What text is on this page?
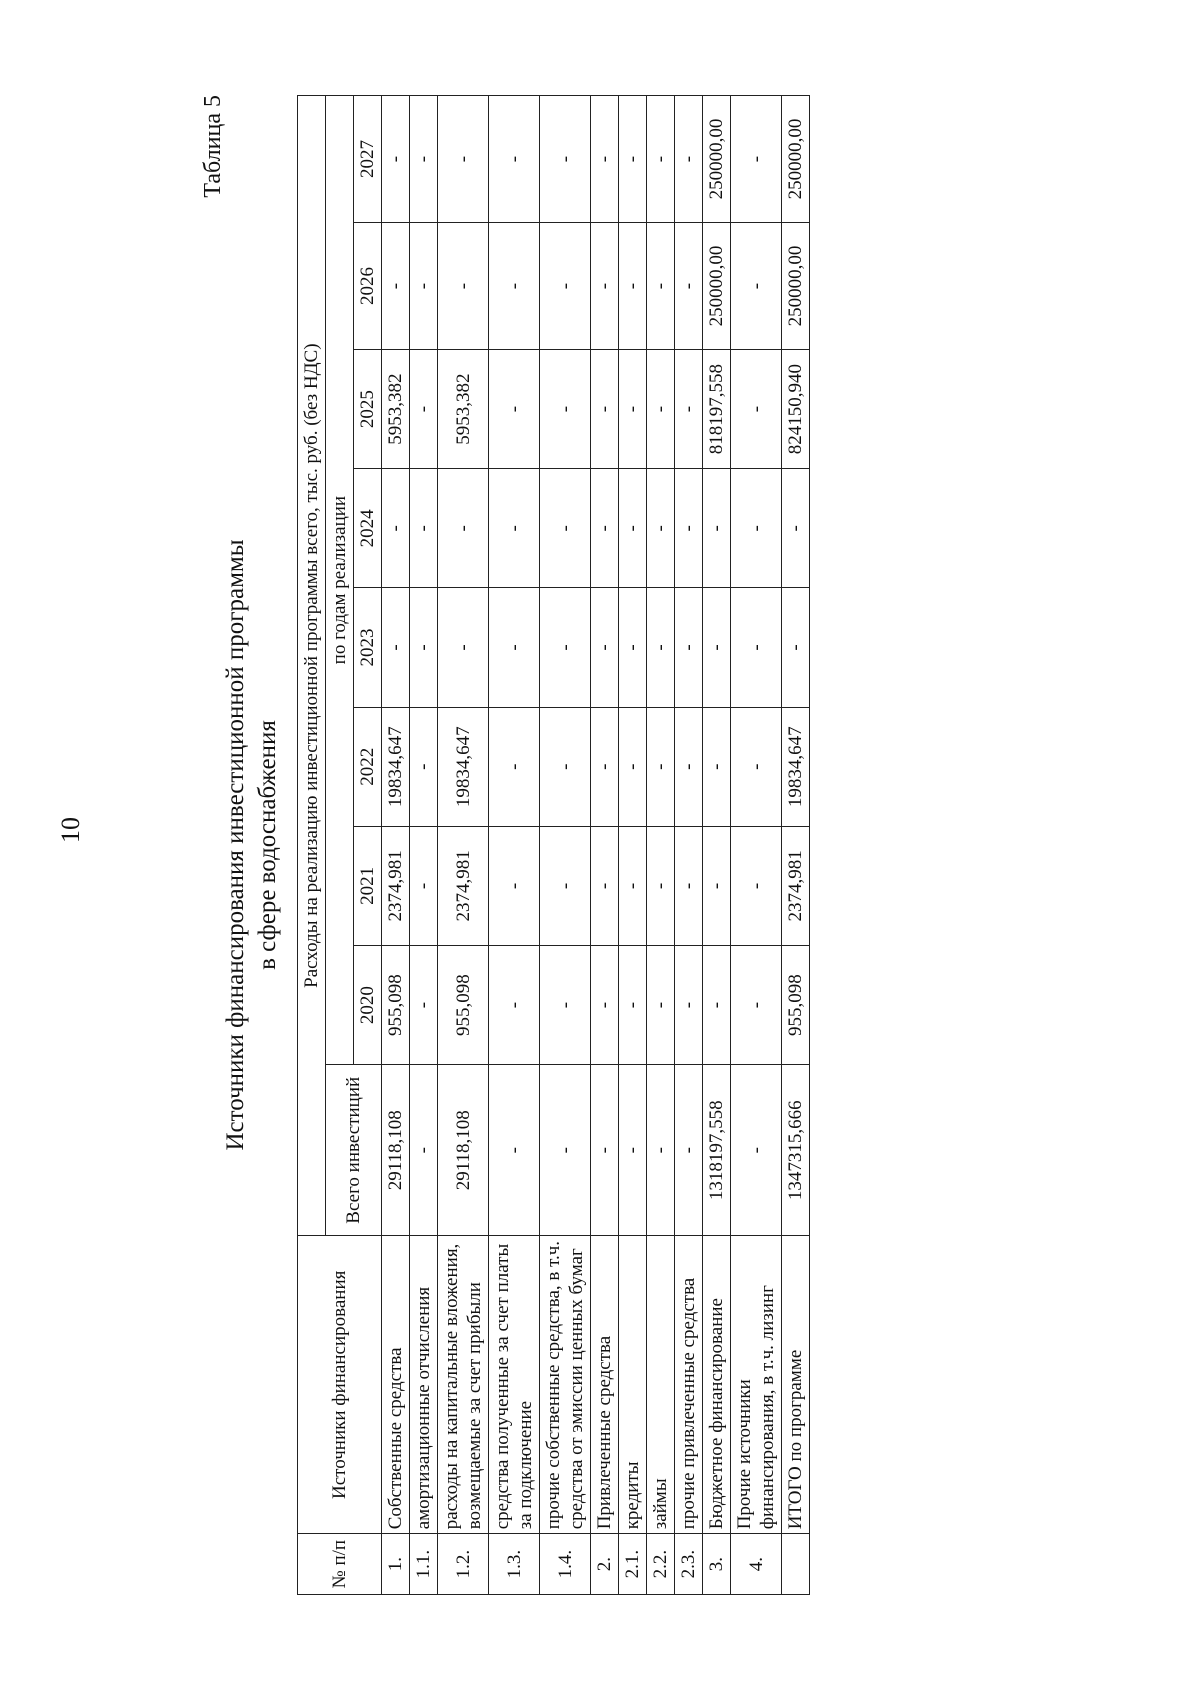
10
Таблица 5
Источники финансирования инвестиционной программы в сфере водоснабжения
№ п/п	Источники финансирования	Расходы на реализацию инвестиционной программы всего, тыс. руб. (без НДС)								
		Всего инвестиций	по годам реализации							
			2020	2021	2022	2023	2024	2025	2026	2027
1.	Собственные средства	29118,108	955,098	2374,981	19834,647	-	-	5953,382	-	-
1.1.	амортизационные отчисления	-	-	-	-	-	-	-	-	-
1.2.	расходы на капитальные вложения, возмещаемые за счет прибыли	29118,108	955,098	2374,981	19834,647	-	-	5953,382	-	-
1.3.	средства полученные за счет платы за подключение	-	-	-	-	-	-	-	-	-
1.4.	прочие собственные средства, в т.ч. средства от эмиссии ценных бумаг	-	-	-	-	-	-	-	-	-
2.	Привлеченные средства	-	-	-	-	-	-	-	-	-
2.1.	кредиты	-	-	-	-	-	-	-	-	-
2.2.	займы	-	-	-	-	-	-	-	-	-
2.3.	прочие привлеченные средства	-	-	-	-	-	-	-	-	-
3.	Бюджетное финансирование	1318197,558	-	-	-	-	-	818197,558	250000,00	250000,00
4.	Прочие источники финансирования, в т.ч. лизинг	-	-	-	-	-	-	-	-	-
	ИТОГО по программе	1347315,666	955,098	2374,981	19834,647	-	-	824150,940	250000,00	250000,00
